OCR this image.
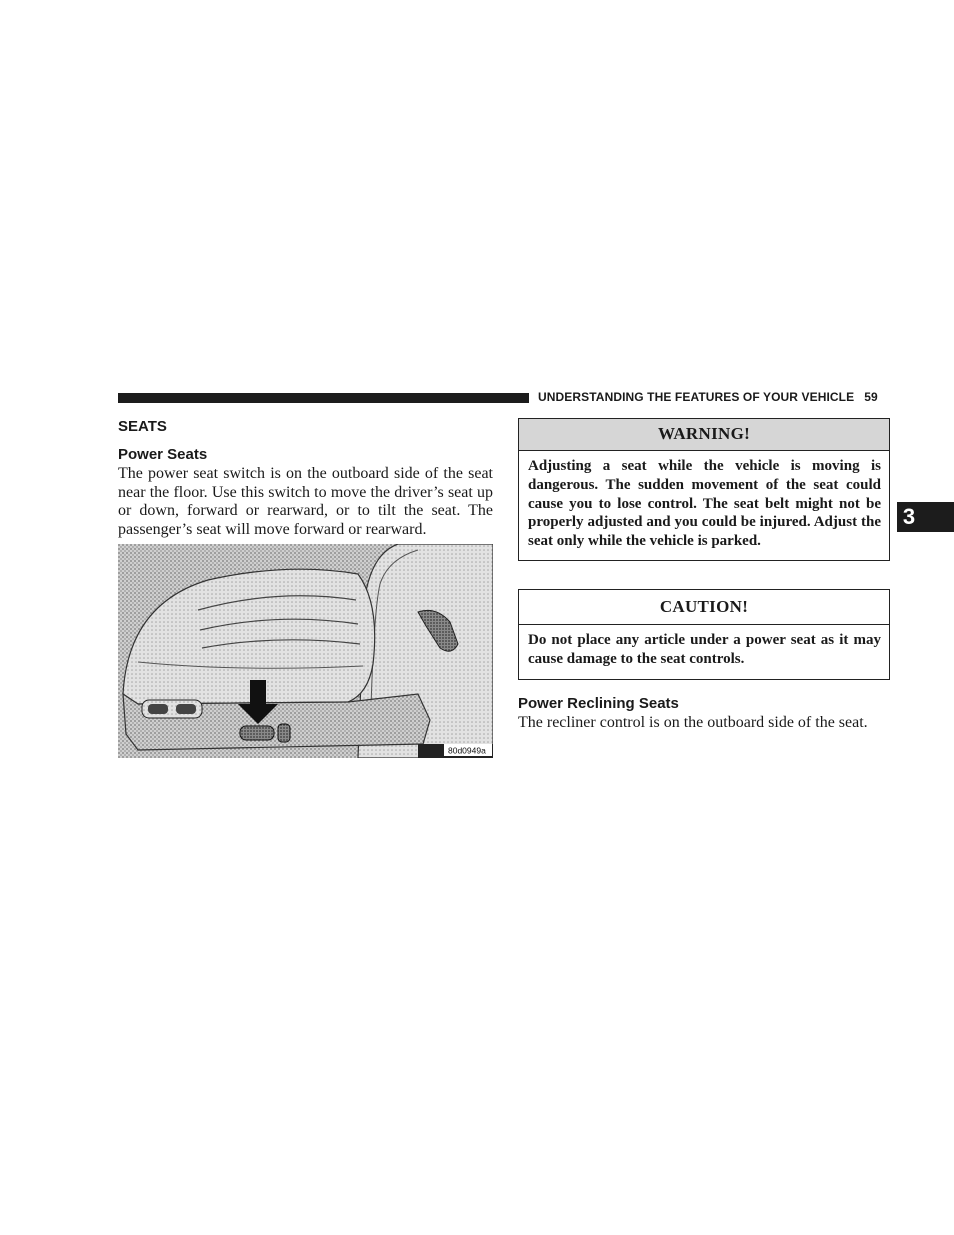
UNDERSTANDING THE FEATURES OF YOUR VEHICLE 59
3
SEATS
Power Seats
The power seat switch is on the outboard side of the seat near the floor. Use this switch to move the driver’s seat up or down, forward or rearward, or to tilt the seat. The passenger’s seat will move forward or rearward.
80d0949a
WARNING!
Adjusting a seat while the vehicle is moving is dangerous. The sudden movement of the seat could cause you to lose control. The seat belt might not be properly adjusted and you could be injured. Adjust the seat only while the vehicle is parked.
CAUTION!
Do not place any article under a power seat as it may cause damage to the seat controls.
Power Reclining Seats
The recliner control is on the outboard side of the seat.
